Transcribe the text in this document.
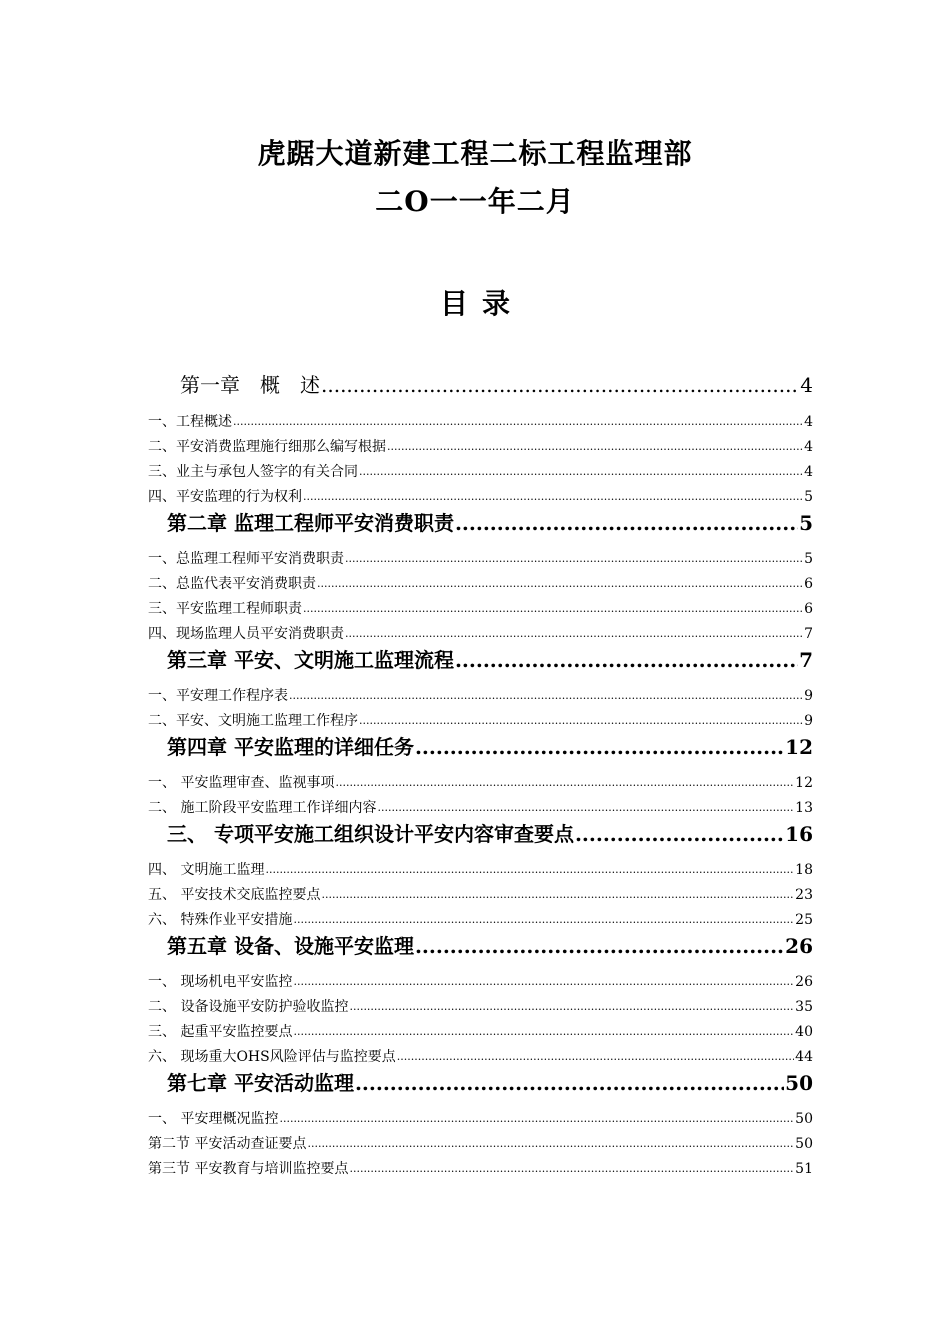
虎踞大道新建工程二标工程监理部
二O一一年二月
目录
第一章　概　述 .....	4
一、工程概述 .....	4
二、平安消费监理施行细那么编写根据 .....	4
三、业主与承包人签字的有关合同 .....	4
四、平安监理的行为权利 .....	5
第二章 监理工程师平安消费职责 .....	5
一、总监理工程师平安消费职责 .....	5
二、总监代表平安消费职责 .....	6
三、平安监理工程师职责 .....	6
四、现场监理人员平安消费职责 .....	7
第三章 平安、文明施工监理流程 .....	7
一、平安理工作程序表 .....	9
二、平安、文明施工监理工作程序 .....	9
第四章 平安监理的详细任务 .....	12
一、 平安监理审查、监视事项 .....	12
二、 施工阶段平安监理工作详细内容 .....	13
三、 专项平安施工组织设计平安内容审查要点 .....	16
四、 文明施工监理 .....	18
五、 平安技术交底监控要点 .....	23
六、 特殊作业平安措施 .....	25
第五章 设备、设施平安监理 .....	26
一、 现场机电平安监控 .....	26
二、 设备设施平安防护验收监控 .....	35
三、 起重平安监控要点 .....	40
六、 现场重大OHS风险评估与监控要点 .....	44
第七章 平安活动监理 .....	50
一、 平安理概况监控 .....	50
第二节 平安活动查证要点 .....	50
第三节 平安教育与培训监控要点 .....	51
